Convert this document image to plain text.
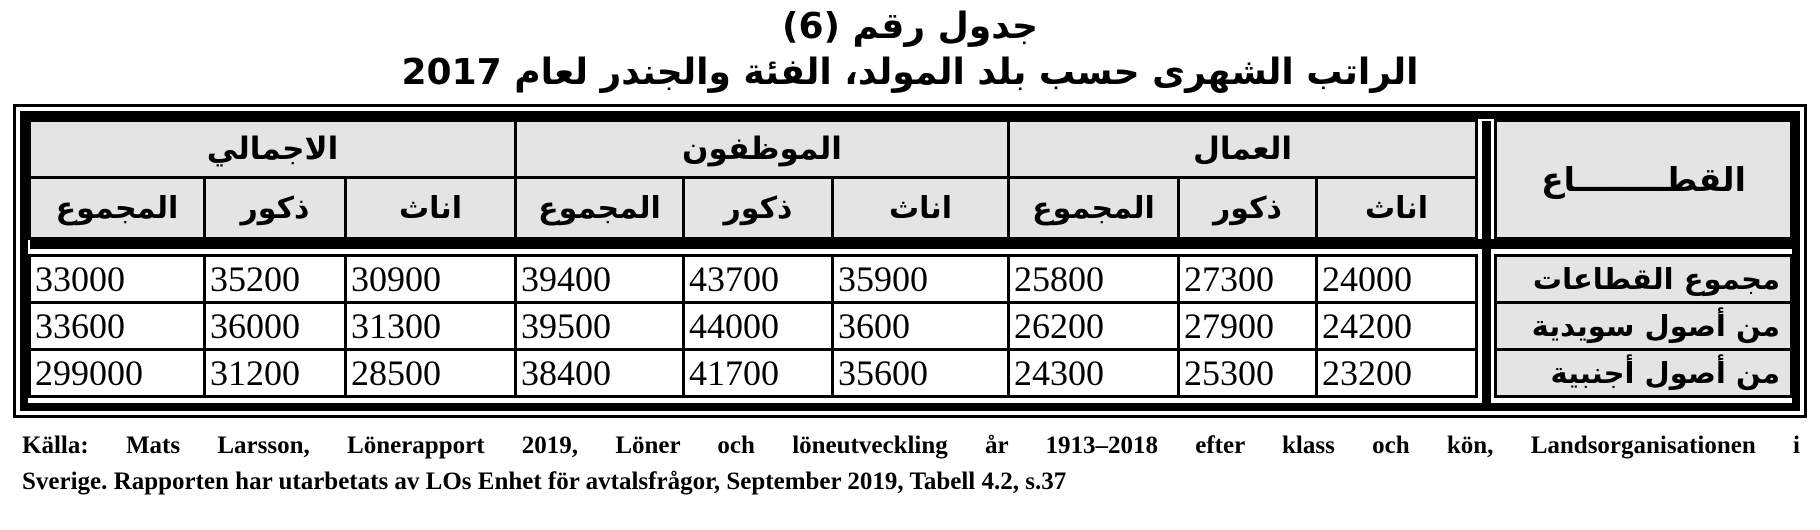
جدول رقم (6)
الراتب الشهرى حسب بلد المولد، الفئة والجندر لعام 2017
القطــــــــاع				العمال			الموظفون			الاجمالي		
				اناث	ذكور	المجموع	اناث	ذكور	المجموع	اناث	ذكور	المجموع

مجموع القطاعات				24000	27300	25800	35900	43700	39400	30900	35200	33000
من أصول سويدية				24200	27900	26200	3600	44000	39500	31300	36000	33600
من أصول أجنبية				23200	25300	24300	35600	41700	38400	28500	31200	299000

Källa: Mats Larsson, Lönerapport 2019, Löner och löneutveckling år 1913–2018 efter klass och kön, Landsorganisationen i
Sverige. Rapporten har utarbetats av LOs Enhet för avtalsfrågor, September 2019, Tabell 4.2, s.37
